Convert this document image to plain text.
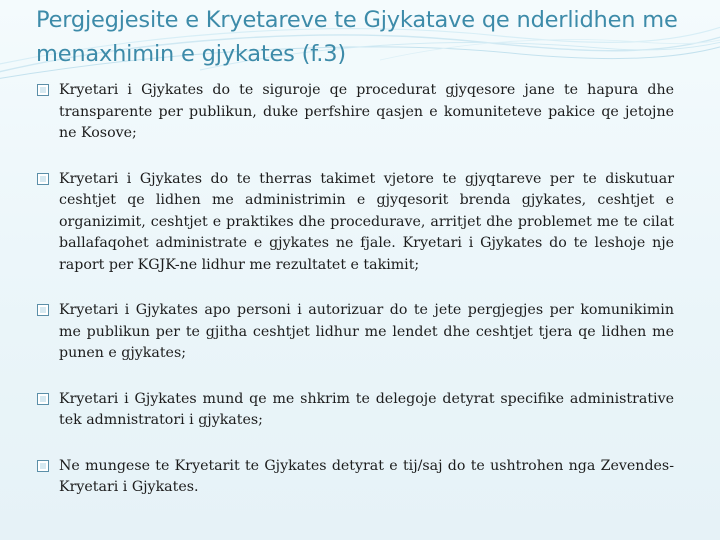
Pergjegjesite e Kryetareve te Gjykatave qe nderlidhen me menaxhimin e gjykates (f.3)
Kryetari i Gjykates do te siguroje qe procedurat gjyqesore jane te hapura dhe transparente per publikun, duke perfshire qasjen e komuniteteve pakice qe jetojne ne Kosove;
Kryetari i Gjykates do te therras takimet vjetore te gjyqtareve per te diskutuar ceshtjet qe lidhen me administrimin e gjyqesorit brenda gjykates, ceshtjet e organizimit, ceshtjet e praktikes dhe procedurave, arritjet dhe problemet me te cilat ballafaqohet administrate e gjykates ne fjale. Kryetari i Gjykates do te leshoje nje raport per KGJK-ne lidhur me rezultatet e takimit;
Kryetari i Gjykates apo personi i autorizuar do te jete pergjegjes per komunikimin me publikun per te gjitha ceshtjet lidhur me lendet dhe ceshtjet tjera qe lidhen me punen e gjykates;
Kryetari i Gjykates mund qe me shkrim te delegoje detyrat specifike administrative tek admnistratori i gjykates;
Ne mungese te Kryetarit te Gjykates detyrat e tij/saj do te ushtrohen nga Zevendes-Kryetari i Gjykates.
